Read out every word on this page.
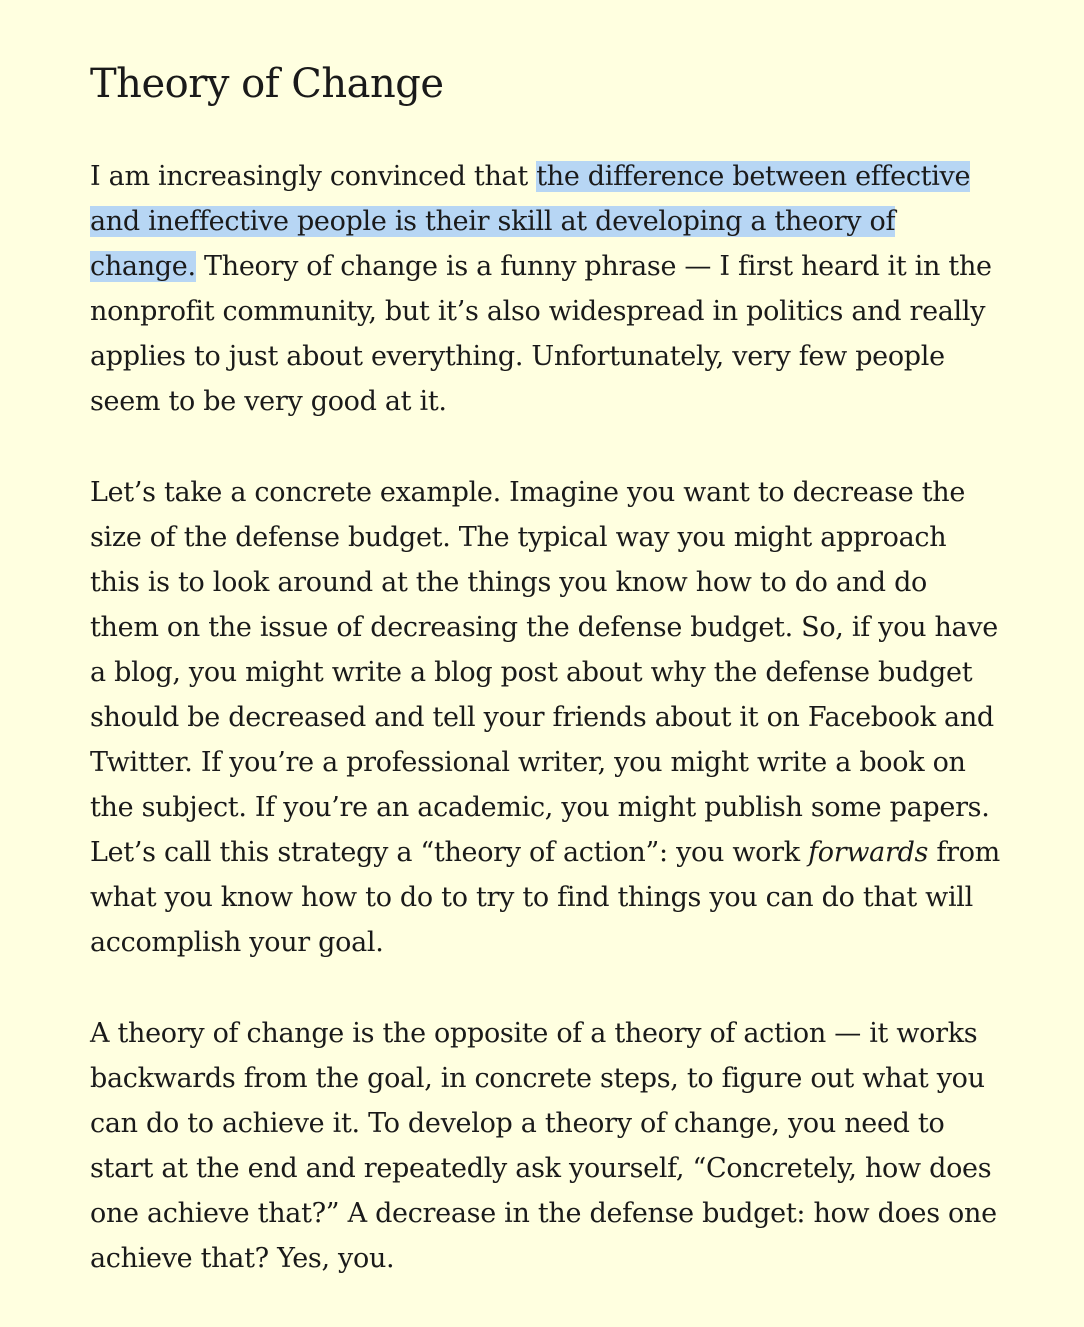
Theory of Change

I am increasingly convinced that the difference between effective and ineffective people is their skill at developing a theory of change. Theory of change is a funny phrase — I first heard it in the nonprofit community, but it’s also widespread in politics and really applies to just about everything. Unfortunately, very few people seem to be very good at it.

Let’s take a concrete example. Imagine you want to decrease the size of the defense budget. The typical way you might approach this is to look around at the things you know how to do and do them on the issue of decreasing the defense budget. So, if you have a blog, you might write a blog post about why the defense budget should be decreased and tell your friends about it on Facebook and Twitter. If you’re a professional writer, you might write a book on the subject. If you’re an academic, you might publish some papers. Let’s call this strategy a “theory of action”: you work forwards from what you know how to do to try to find things you can do that will accomplish your goal.

A theory of change is the opposite of a theory of action — it works backwards from the goal, in concrete steps, to figure out what you can do to achieve it. To develop a theory of change, you need to start at the end and repeatedly ask yourself, “Concretely, how does one achieve that?” A decrease in the defense budget: how does one achieve that? Yes, you.
